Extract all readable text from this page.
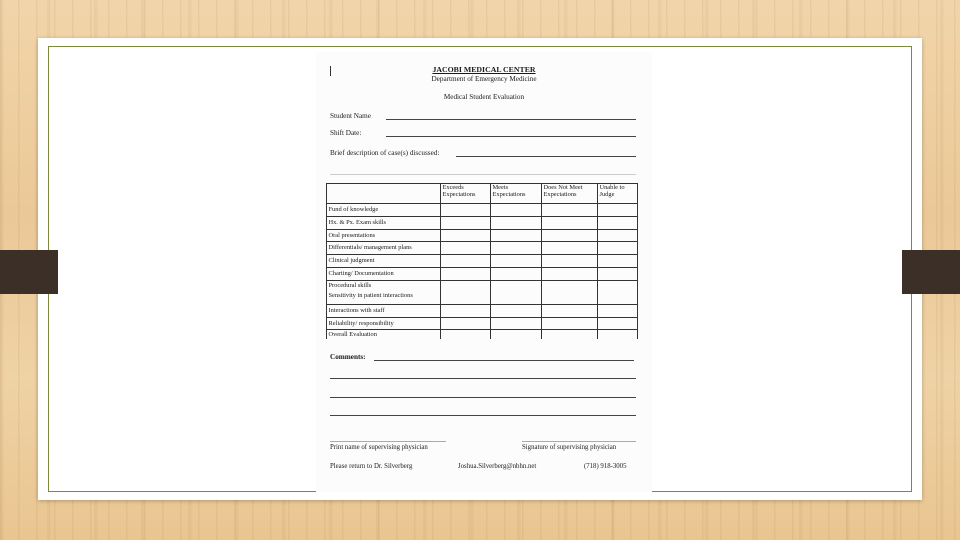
JACOBI MEDICAL CENTER
Department of Emergency Medicine
Medical Student Evaluation
Student Name
Shift Date:
Brief description of case(s) discussed:
	Exceeds Expectations	Meets Expectations	Does Not Meet Expectations	Unable to Judge
Fund of knowledge				
Hx. & Px. Exam skills				
Oral presentations				
Differentials/ management plans				
Clinical judgment				
Charting/ Documentation				

Procedural skills
Sensitivity in patient interactions				

Interactions with staff				
Reliability/ responsibility				
Overall Evaluation				
Comments:
Print name of supervising physician	Signature of supervising physician
Please return to Dr. Silverberg	Joshua.Silverberg@nbhn.net	(718) 918-3005
